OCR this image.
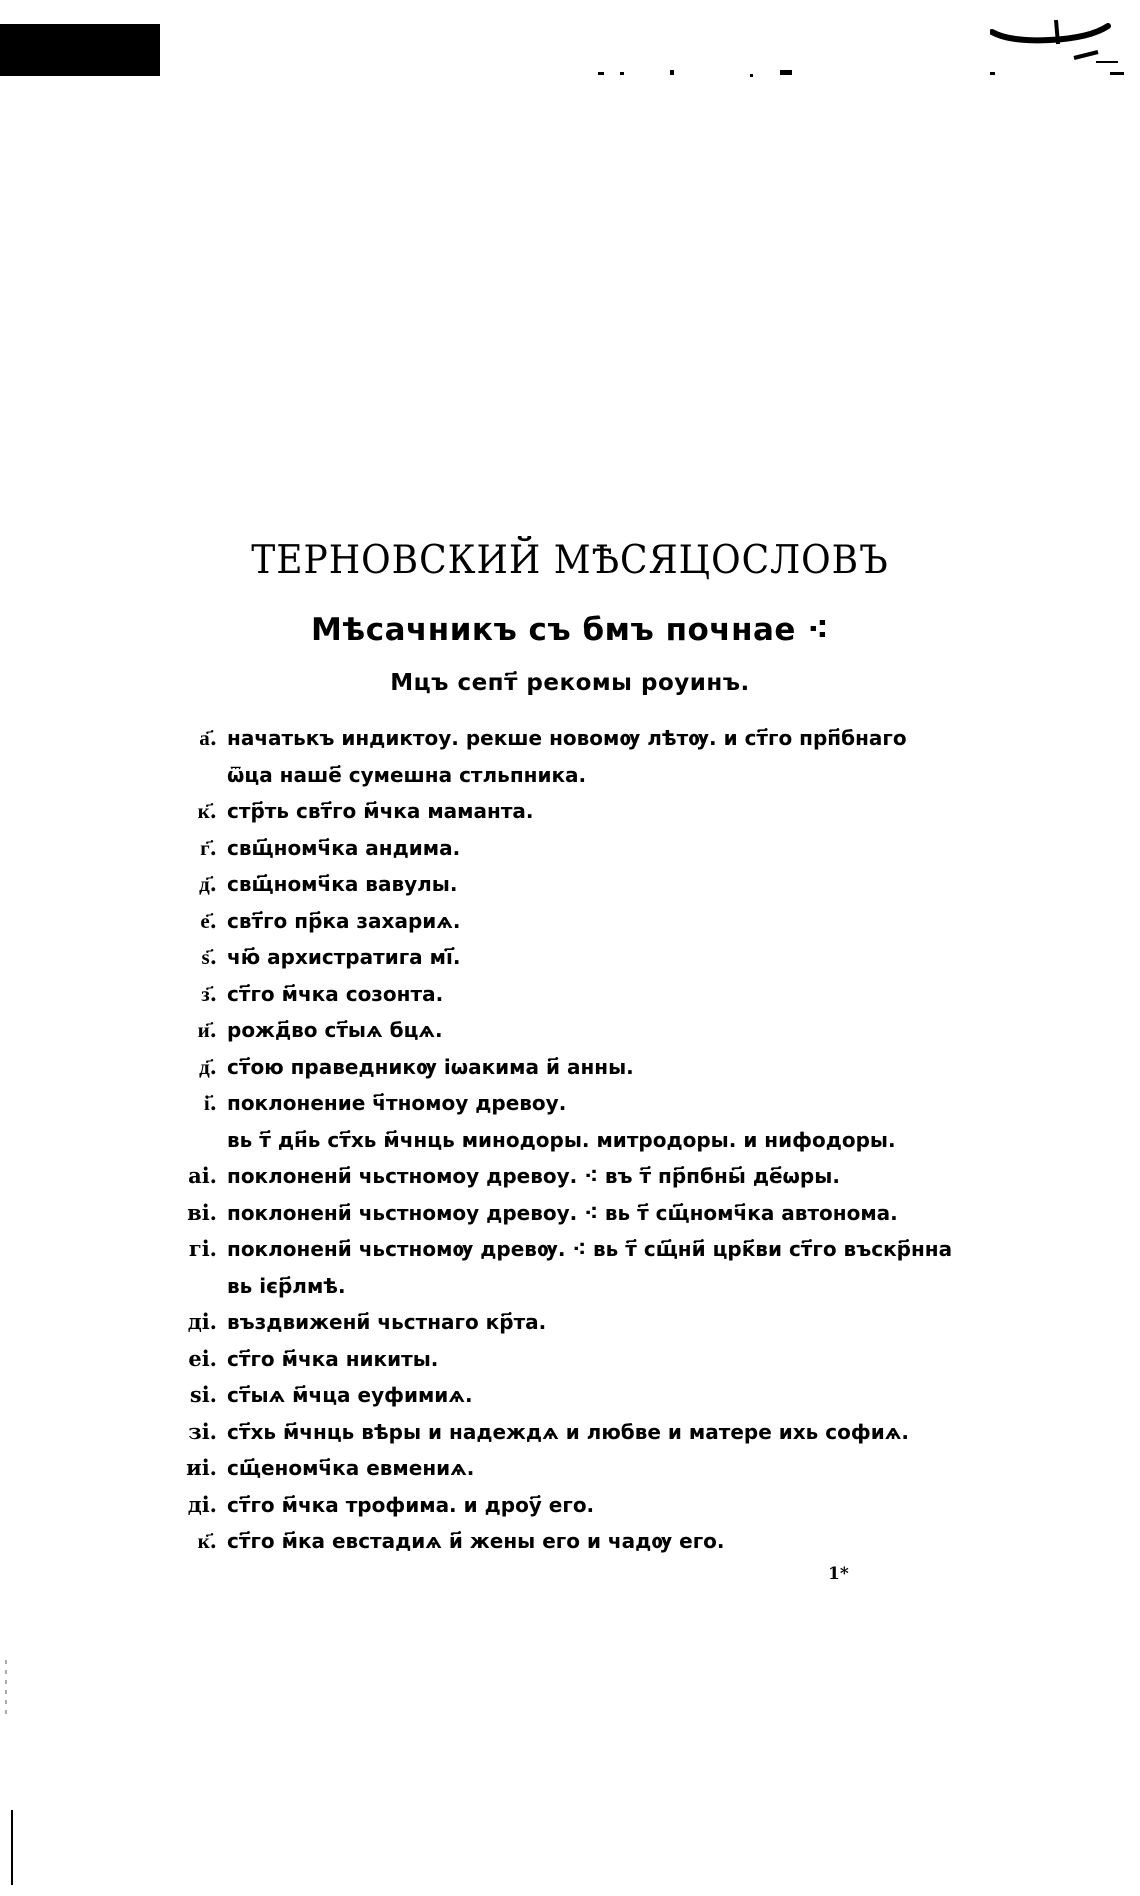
ТЕРНОВСКИЙ МѢСЯЦОСЛОВЪ
Мѣсачникъ съ бмъ почнае ⁖
Мцъ септ҃ рекомы роуинъ.
а҃. начатькъ индиктоу. рекше новомѹ лѣтѹ. и ст҃го прп҃бнаго
ѿца наше҃ сумешна стльпника.
к҃. стр҃ть свт҃го м҃чка маманта.
г҃. свщ҃номч҃ка андима.
д҃. свщ҃номч҃ка вавулы.
е҃. свт҃го пр҃ка захариѧ.
ѕ҃. чю҃ архистратига мі҃.
з҃. ст҃го м҃чка созонта.
и҃. рожд҃во ст҃ыѧ бцѧ.
д҃. ст҃ою праведникѹ іѡакима и҃ анны.
і҃. поклонение ч҃тномоу древоу.
вь т҃ дн҃ь ст҃хь м҃чнць минодоры. митродоры. и нифодоры.
аі. поклонени҃ чьстномоу древоу. ⁖ въ т҃ пр҃пбны҃ де҃ѡры.
ві. поклонени҃ чьстномоу древоу. ⁖ вь т҃ сщ҃номч҃ка автонома.
гі. поклонени҃ чьстномѹ древѹ. ⁖ вь т҃ сщ҃ни҃ црк҃ви ст҃го въскр҃нна
вь ієр҃лмѣ.
ді. въздвижени҃ чьстнаго кр҃та.
еі. ст҃го м҃чка никиты.
ѕі. ст҃ыѧ м҃чца еуфимиѧ.
зі. ст҃хь м҃чнць вѣры и надеждѧ и любве и матере ихь софиѧ.
иі. сщ҃еномч҃ка евмениѧ.
ді. ст҃го м҃чка трофима. и дроу҃ его.
к҃. ст҃го м҃ка евстадиѧ и҃ жены его и чадѹ его.
1*
